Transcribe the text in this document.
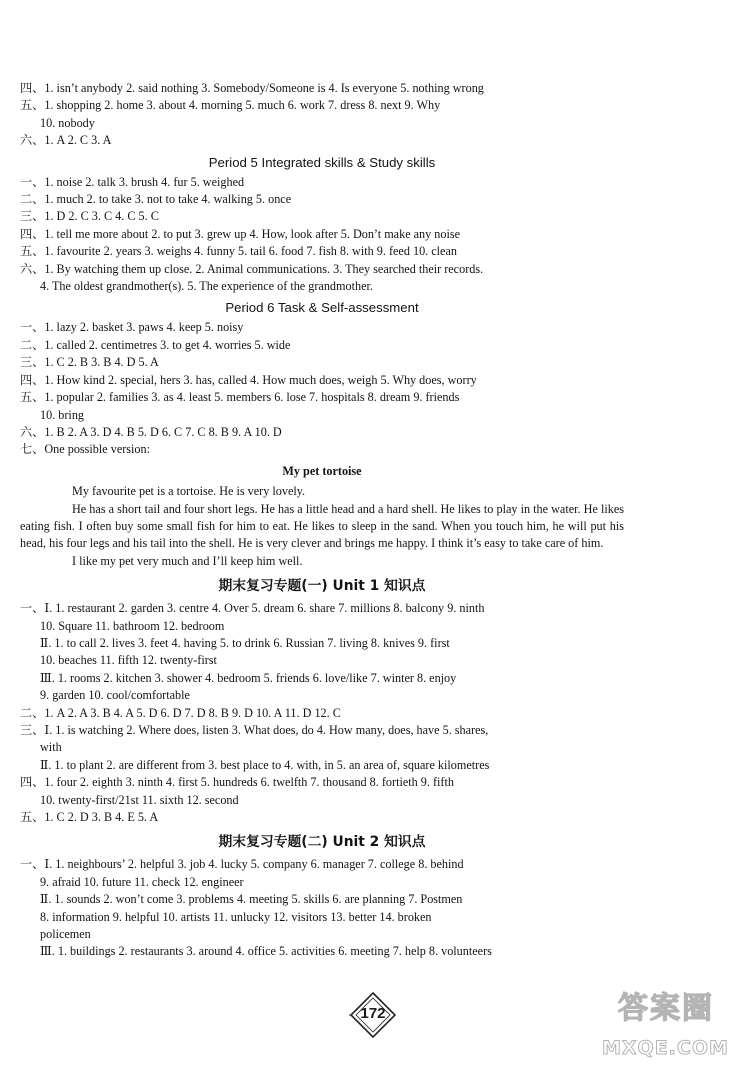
四、1. isn’t anybody 2. said nothing 3. Somebody/Someone is 4. Is everyone 5. nothing wrong
五、1. shopping 2. home 3. about 4. morning 5. much 6. work 7. dress 8. next 9. Why
10. nobody
六、1. A 2. C 3. A
Period 5 Integrated skills & Study skills
一、1. noise 2. talk 3. brush 4. fur 5. weighed
二、1. much 2. to take 3. not to take 4. walking 5. once
三、1. D 2. C 3. C 4. C 5. C
四、1. tell me more about 2. to put 3. grew up 4. How, look after 5. Don’t make any noise
五、1. favourite 2. years 3. weighs 4. funny 5. tail 6. food 7. fish 8. with 9. feed 10. clean
六、1. By watching them up close. 2. Animal communications. 3. They searched their records.
4. The oldest grandmother(s). 5. The experience of the grandmother.
Period 6 Task & Self-assessment
一、1. lazy 2. basket 3. paws 4. keep 5. noisy
二、1. called 2. centimetres 3. to get 4. worries 5. wide
三、1. C 2. B 3. B 4. D 5. A
四、1. How kind 2. special, hers 3. has, called 4. How much does, weigh 5. Why does, worry
五、1. popular 2. families 3. as 4. least 5. members 6. lose 7. hospitals 8. dream 9. friends
10. bring
六、1. B 2. A 3. D 4. B 5. D 6. C 7. C 8. B 9. A 10. D
七、One possible version:
My pet tortoise
My favourite pet is a tortoise. He is very lovely.
He has a short tail and four short legs. He has a little head and a hard shell. He likes to play in the water. He likes eating fish. I often buy some small fish for him to eat. He likes to sleep in the sand. When you touch him, he will put his head, his four legs and his tail into the shell. He is very clever and brings me happy. I think it’s easy to take care of him.
I like my pet very much and I’ll keep him well.
期末复习专题(一) Unit 1 知识点
一、Ⅰ. 1. restaurant 2. garden 3. centre 4. Over 5. dream 6. share 7. millions 8. balcony 9. ninth
10. Square 11. bathroom 12. bedroom
Ⅱ. 1. to call 2. lives 3. feet 4. having 5. to drink 6. Russian 7. living 8. knives 9. first
10. beaches 11. fifth 12. twenty-first
Ⅲ. 1. rooms 2. kitchen 3. shower 4. bedroom 5. friends 6. love/like 7. winter 8. enjoy
9. garden 10. cool/comfortable
二、1. A 2. A 3. B 4. A 5. D 6. D 7. D 8. B 9. D 10. A 11. D 12. C
三、Ⅰ. 1. is watching 2. Where does, listen 3. What does, do 4. How many, does, have 5. shares,
with
Ⅱ. 1. to plant 2. are different from 3. best place to 4. with, in 5. an area of, square kilometres
四、1. four 2. eighth 3. ninth 4. first 5. hundreds 6. twelfth 7. thousand 8. fortieth 9. fifth
10. twenty-first/21st 11. sixth 12. second
五、1. C 2. D 3. B 4. E 5. A
期末复习专题(二) Unit 2 知识点
一、Ⅰ. 1. neighbours’ 2. helpful 3. job 4. lucky 5. company 6. manager 7. college 8. behind
9. afraid 10. future 11. check 12. engineer
Ⅱ. 1. sounds 2. won’t come 3. problems 4. meeting 5. skills 6. are planning 7. Postmen
8. information 9. helpful 10. artists 11. unlucky 12. visitors 13. better 14. broken
policemen
Ⅲ. 1. buildings 2. restaurants 3. around 4. office 5. activities 6. meeting 7. help 8. volunteers
172	答案圈
MXQE.COM
